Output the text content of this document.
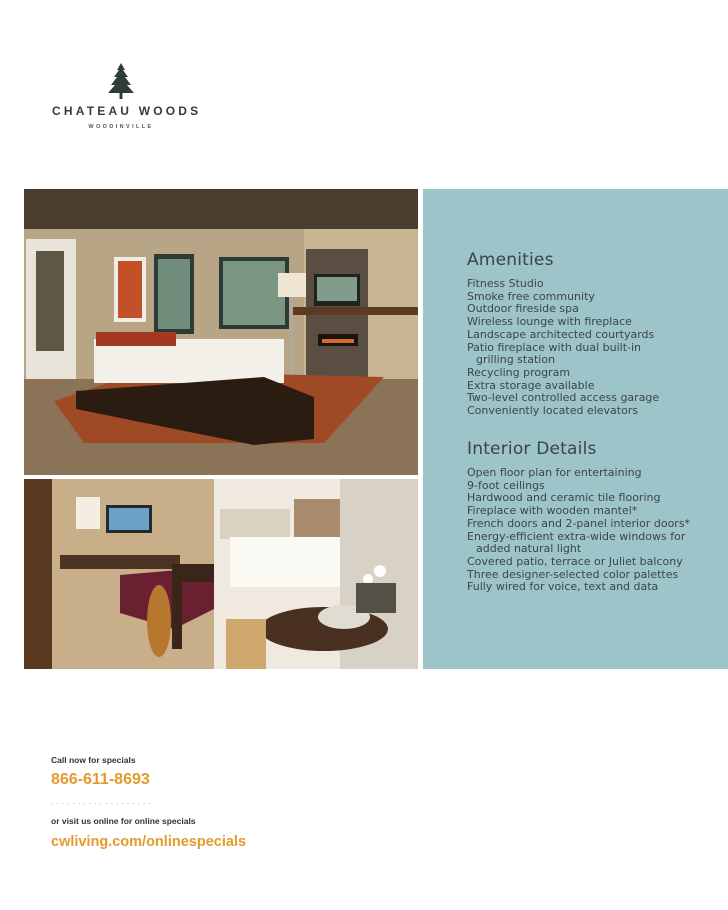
CHATEAU WOODS
WOODINVILLE
Amenities
Fitness Studio
Smoke free community
Outdoor fireside spa
Wireless lounge with fireplace
Landscape architected courtyards
Patio fireplace with dual built-in
grilling station
Recycling program
Extra storage available
Two-level controlled access garage
Conveniently located elevators
Interior Details
Open floor plan for entertaining
9-foot ceilings
Hardwood and ceramic tile flooring
Fireplace with wooden mantel*
French doors and 2-panel interior doors*
Energy-efficient extra-wide windows for
added natural light
Covered patio, terrace or Juliet balcony
Three designer-selected color palettes
Fully wired for voice, text and data
Call now for specials
866-611-8693
...................
or visit us online for online specials
cwliving.com/onlinespecials
